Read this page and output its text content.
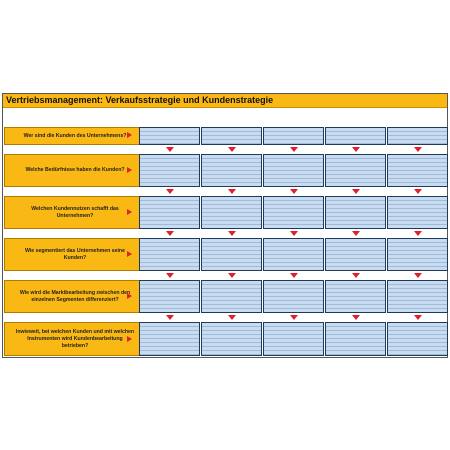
Vertriebsmanagement: Verkaufsstrategie und Kundenstrategie
Wer sind die Kunden des Unternehmens?
Welche Bedürfnisse haben die Kunden?
Welchen Kundennutzen schafft das Unternehmen?
Wie segmentiert das Unternehmen seine Kunden?
Wie wird die Marktbearbeitung zwischen den einzelnen Segmenten differenziert?
Inwieweit, bei welchen Kunden und mit welchen Instrumenten wird Kundenbearbeitung betrieben?
